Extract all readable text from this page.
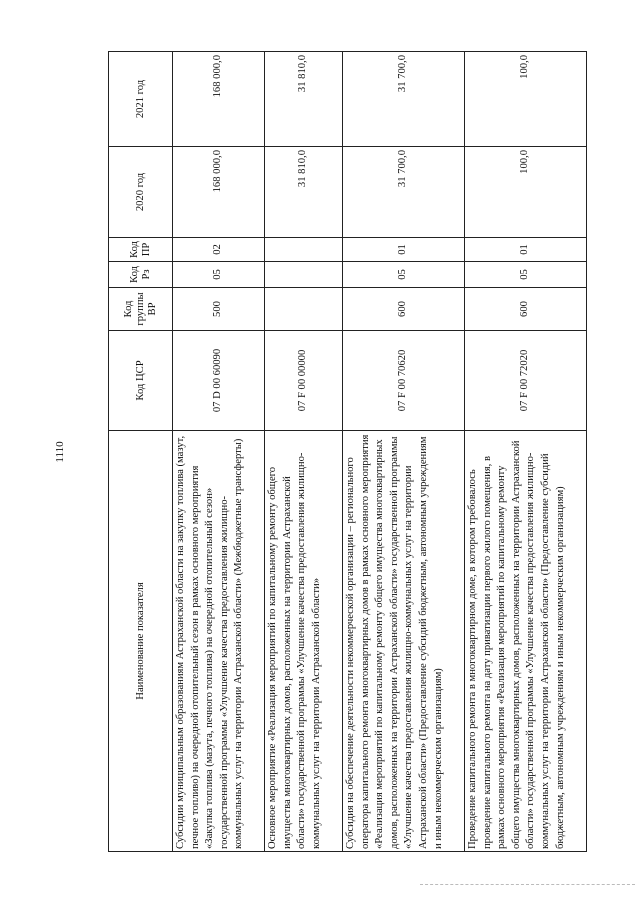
1110
Наименование показателя	Код ЦСР	Код группы ВР	Код Рз	Код ПР	2020 год	2021 год
Субсидии муниципальным образованиям Астраханской области на закупку топлива (мазут, печное топливо) на очередной отопительный сезон в рамках основного мероприятия «Закупка топлива (мазута, печного топлива) на очередной отопительный сезон» государственной программы «Улучшение качества предоставления жилищно-коммунальных услуг на территории Астраханской области» (Межбюджетные трансферты)	07 D 00 60090	500	05	02	168 000,0	168 000,0
Основное мероприятие «Реализация мероприятий по капитальному ремонту общего имущества многоквартирных домов, расположенных на территории Астраханской области» государственной программы «Улучшение качества предоставления жилищно-коммунальных услуг на территории Астраханской области»	07 F 00 00000				31 810,0	31 810,0
Субсидия на обеспечение деятельности некоммерческой организации – регионального оператора капитального ремонта многоквартирных домов в рамках основного мероприятия «Реализация мероприятий по капитальному ремонту общего имущества многоквартирных домов, расположенных на территории Астраханской области» государственной программы «Улучшение качества предоставления жилищно-коммунальных услуг на территории Астраханской области» (Предоставление субсидий бюджетным, автономным учреждениям и иным некоммерческим организациям)	07 F 00 70620	600	05	01	31 700,0	31 700,0
Проведение капитального ремонта в многоквартирном доме, в котором требовалось проведение капитального ремонта на дату приватизации первого жилого помещения, в рамках основного мероприятия «Реализация мероприятий по капитальному ремонту общего имущества многоквартирных домов, расположенных на территории Астраханской области» государственной программы «Улучшение качества предоставления жилищно-коммунальных услуг на территории Астраханской области» (Предоставление субсидий бюджетным, автономным учреждениям и иным некоммерческим организациям)	07 F 00 72020	600	05	01	100,0	100,0
